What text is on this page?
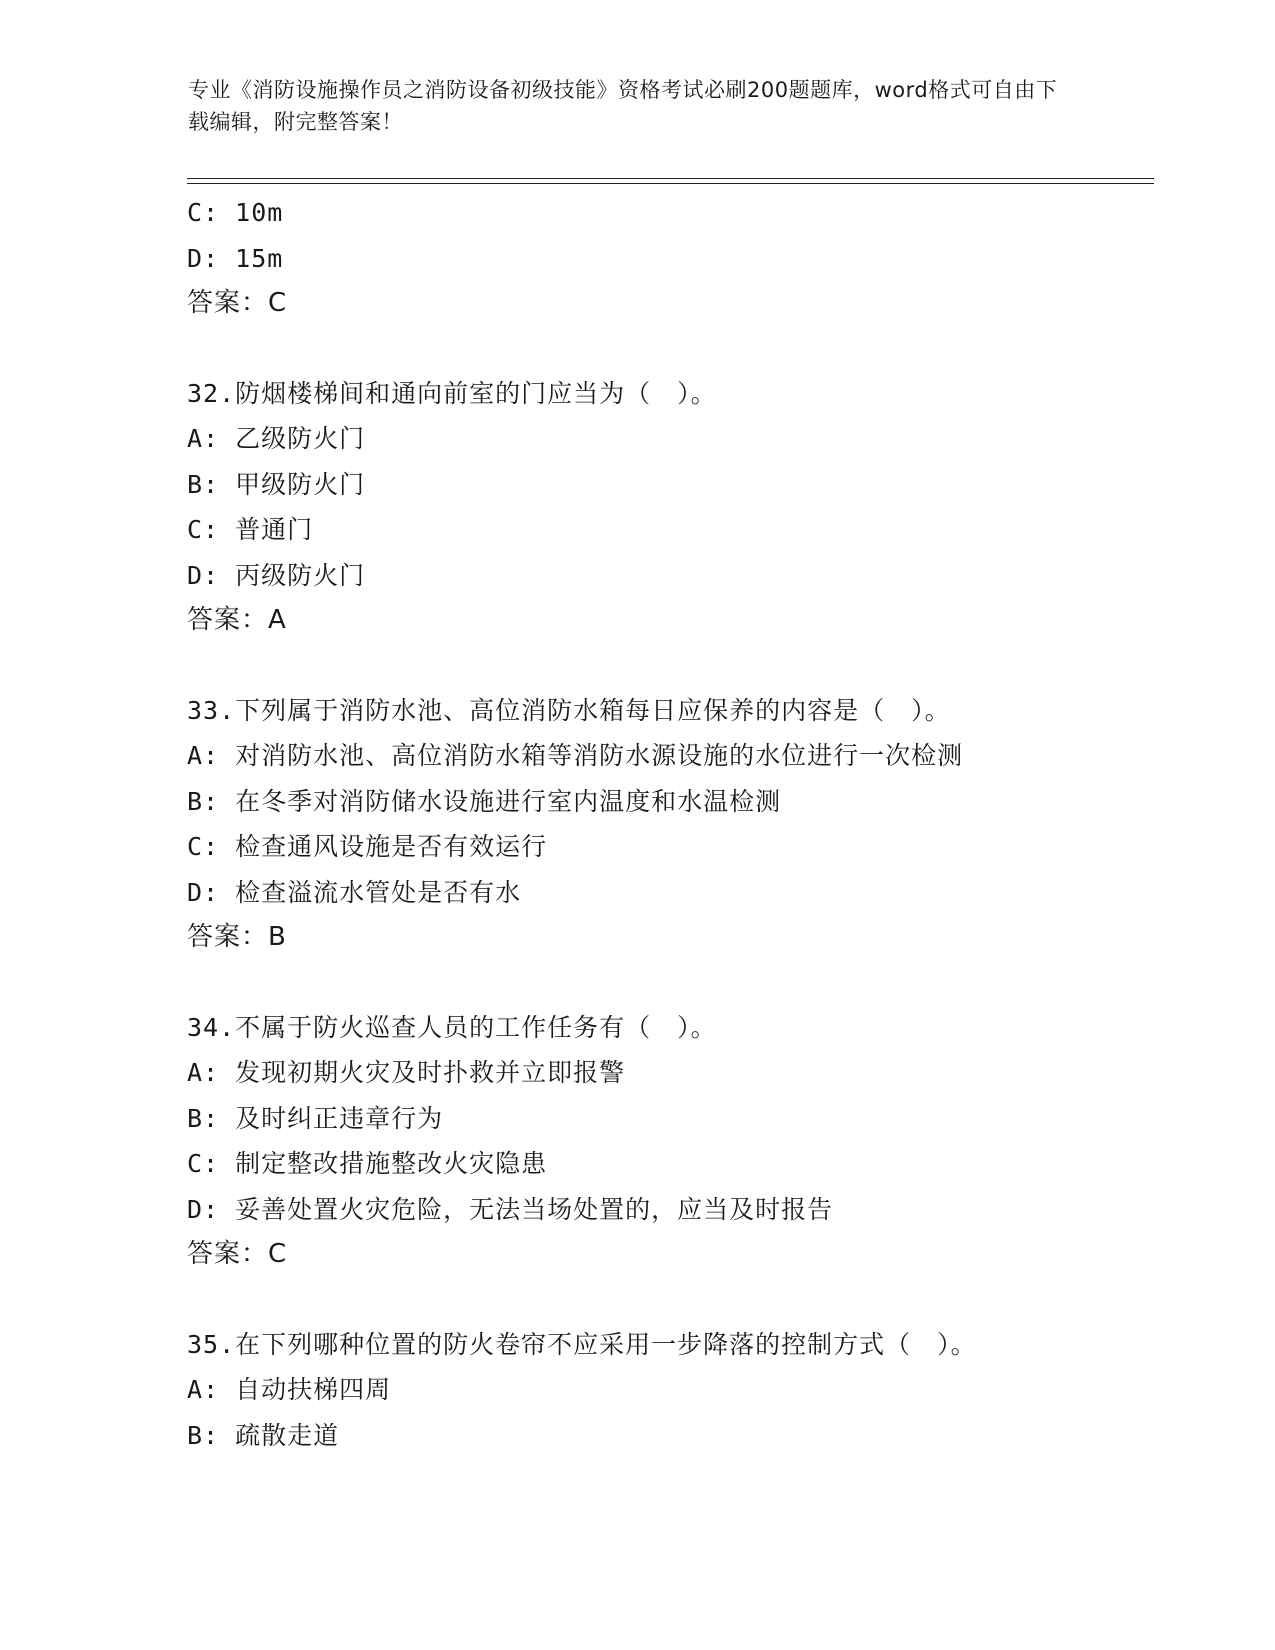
专业《消防设施操作员之消防设备初级技能》资格考试必刷200题题库，word格式可自由下载编辑，附完整答案！
C: 10m
D: 15m
答案：C
32.防烟楼梯间和通向前室的门应当为（　）。
A: 乙级防火门
B: 甲级防火门
C: 普通门
D: 丙级防火门
答案：A
33.下列属于消防水池、高位消防水箱每日应保养的内容是（　）。
A: 对消防水池、高位消防水箱等消防水源设施的水位进行一次检测
B: 在冬季对消防储水设施进行室内温度和水温检测
C: 检查通风设施是否有效运行
D: 检查溢流水管处是否有水
答案：B
34.不属于防火巡查人员的工作任务有（　）。
A: 发现初期火灾及时扑救并立即报警
B: 及时纠正违章行为
C: 制定整改措施整改火灾隐患
D: 妥善处置火灾危险，无法当场处置的，应当及时报告
答案：C
35.在下列哪种位置的防火卷帘不应采用一步降落的控制方式（　）。
A: 自动扶梯四周
B: 疏散走道
